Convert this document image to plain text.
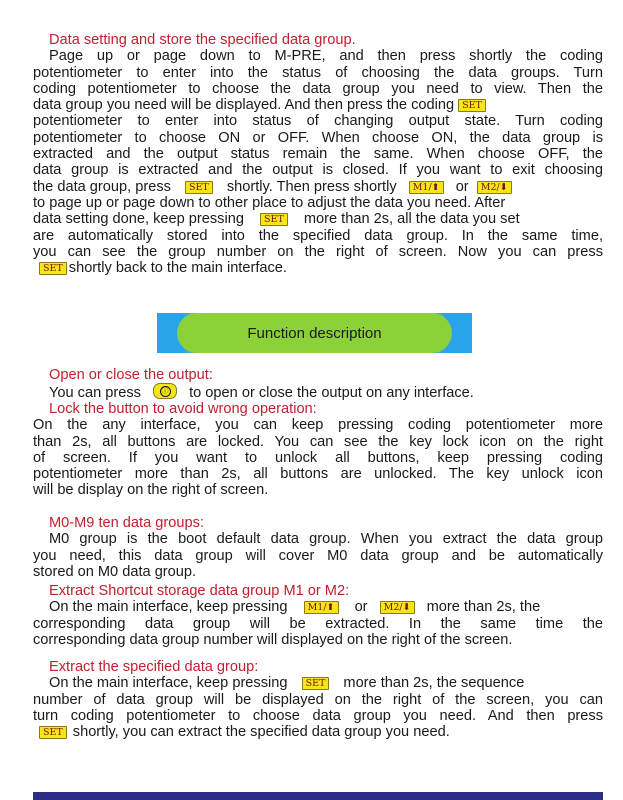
Data setting and store the specified data group.
Page up or page down to M-PRE, and then press shortly the coding
potentiometer to enter into the status of choosing the data groups. Turn
coding potentiometer to choose the data group you need to view. Then the
data group you need will be displayed. And then press the coding SET
potentiometer to enter into status of changing output state. Turn coding
potentiometer to choose ON or OFF. When choose ON, the data group is
extracted and the output status remain the same. When choose OFF, the
data group is extracted and the output is closed. If you want to exit choosing
the data group, press SET shortly. Then press shortly M1/⬆ or M2/⬇
to page up or page down to other place to adjust the data you need. After
data setting done, keep pressing SET more than 2s, all the data you set
are automatically stored into the specified data group. In the same time,
you can see the group number on the right of screen. Now you can press
SET shortly back to the main interface.
Function description
Open or close the output:
You can press	ⓘ to open or close the output on any interface.
Lock the button to avoid wrong operation:
On the any interface, you can keep pressing coding potentiometer more
than 2s, all buttons are locked. You can see the key lock icon on the right
of screen. If you want to unlock all buttons, keep pressing coding
potentiometer more than 2s, all buttons are unlocked. The key unlock icon
will be display on the right of screen.
M0-M9 ten data groups:
M0 group is the boot default data group. When you extract the data group
you need, this data group will cover M0 data group and be automatically
stored on M0 data group.
Extract Shortcut storage data group M1 or M2:
On the main interface, keep pressing M1/⬆ or M2/⬇ more than 2s, the
corresponding data group will be extracted. In the same time the
corresponding data group number will displayed on the right of the screen.
Extract the specified data group:
On the main interface, keep pressing SET more than 2s, the sequence
number of data group will be displayed on the right of the screen, you can
turn coding potentiometer to choose data group you need. And then press
SET shortly, you can extract the specified data group you need.
